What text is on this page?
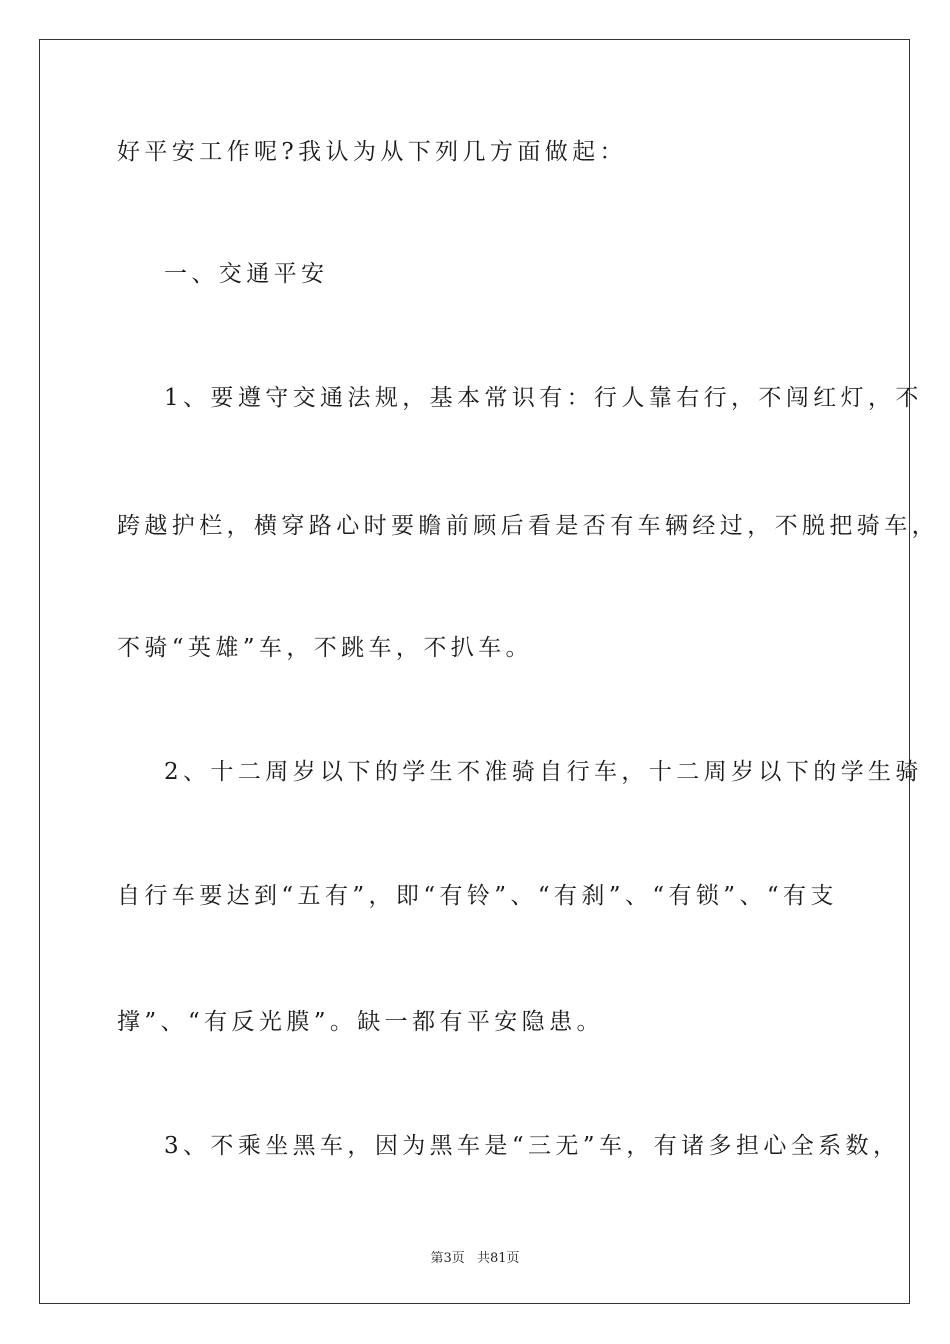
好平安工作呢?我认为从下列几方面做起：

一、交通平安

1、要遵守交通法规，基本常识有：行人靠右行，不闯红灯，不

跨越护栏，横穿路心时要瞻前顾后看是否有车辆经过，不脱把骑车，

不骑“英雄”车，不跳车，不扒车。

2、十二周岁以下的学生不准骑自行车，十二周岁以下的学生骑

自行车要达到“五有”，即“有铃”、“有刹”、“有锁”、“有支

撑”、“有反光膜”。缺一都有平安隐患。

3、不乘坐黑车，因为黑车是“三无”车，有诸多担心全系数，

第3页 共81页
